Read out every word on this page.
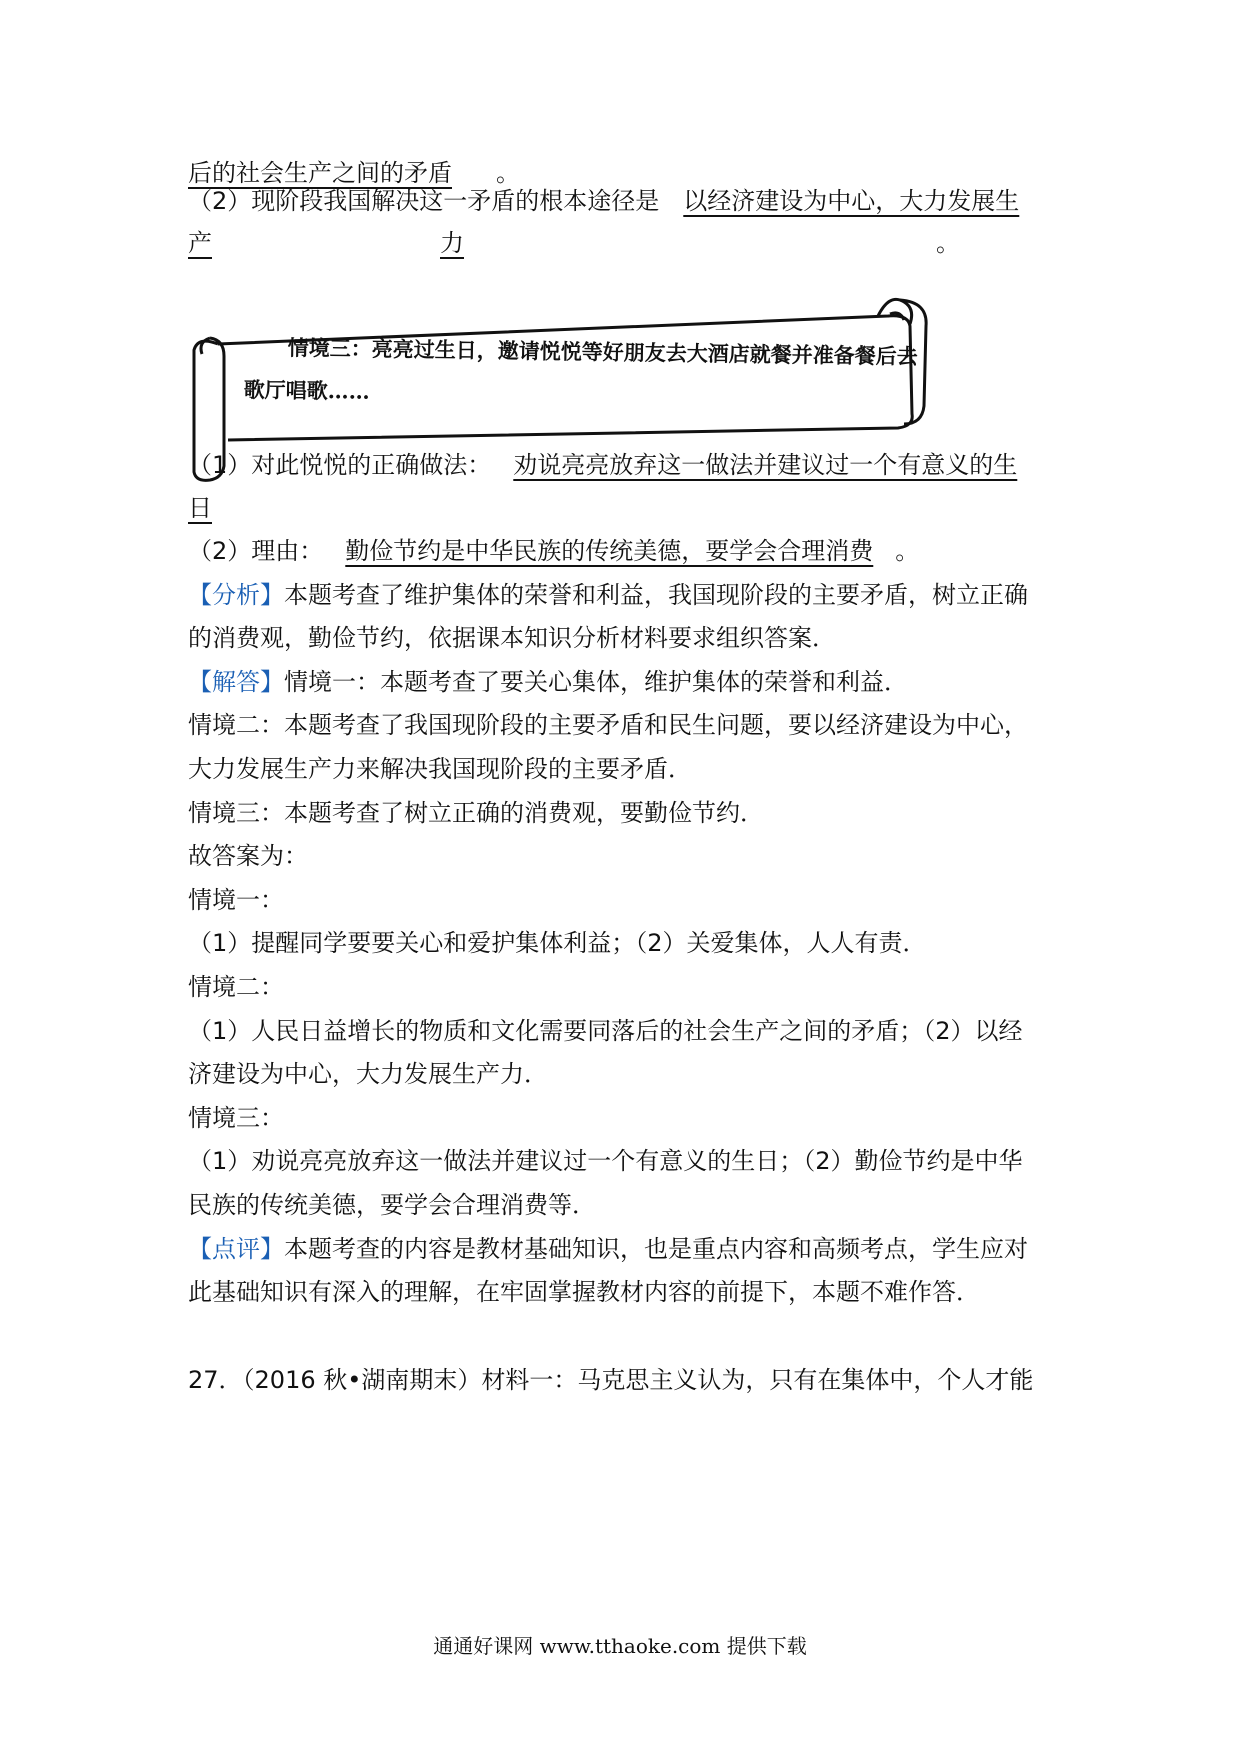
后的社会生产之间的矛盾 。
（2）现阶段我国解决这一矛盾的根本途径是 以经济建设为中心，大力发展生
产	力	。
情境三：亮亮过生日，邀请悦悦等好朋友去大酒店就餐并准备餐后去
歌厅唱歌……
（1）对此悦悦的正确做法： 劝说亮亮放弃这一做法并建议过一个有意义的生
日
（2）理由： 勤俭节约是中华民族的传统美德，要学会合理消费 。
【分析】本题考查了维护集体的荣誉和利益，我国现阶段的主要矛盾，树立正确
的消费观，勤俭节约，依据课本知识分析材料要求组织答案．
【解答】情境一：本题考查了要关心集体，维护集体的荣誉和利益．
情境二：本题考查了我国现阶段的主要矛盾和民生问题，要以经济建设为中心，
大力发展生产力来解决我国现阶段的主要矛盾．
情境三：本题考查了树立正确的消费观，要勤俭节约．
故答案为：
情境一：
（1）提醒同学要要关心和爱护集体利益；（2）关爱集体，人人有责．
情境二：
（1）人民日益增长的物质和文化需要同落后的社会生产之间的矛盾；（2）以经
济建设为中心，大力发展生产力．
情境三：
（1）劝说亮亮放弃这一做法并建议过一个有意义的生日；（2）勤俭节约是中华
民族的传统美德，要学会合理消费等．
【点评】本题考查的内容是教材基础知识，也是重点内容和高频考点，学生应对
此基础知识有深入的理解，在牢固掌握教材内容的前提下，本题不难作答．
27．（2016 秋•湖南期末）材料一：马克思主义认为，只有在集体中，个人才能
通通好课网 www.tthaoke.com 提供下载
